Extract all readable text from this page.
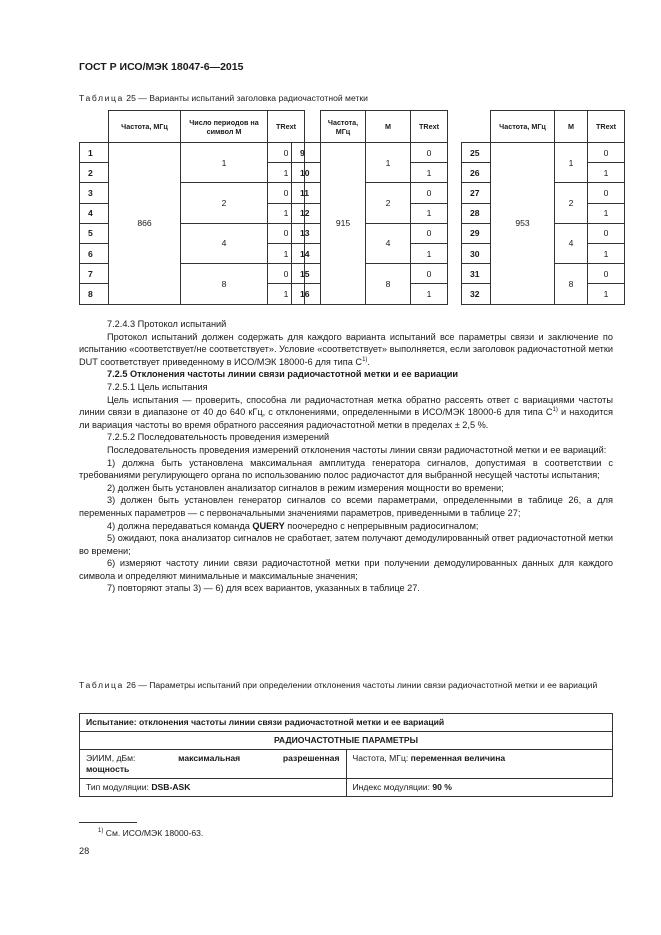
ГОСТ Р ИСО/МЭК 18047-6—2015
Таблица 25 — Варианты испытаний заголовка радиочастотной метки
	Частота, МГц	Число периодов на символ M	TRext
1	866	1	0
2			1
3		2	0
4			1
5		4	0
6			1
7		8	0
8			1
	Частота, МГц	M	TRext
9	915	1	0
10			1
11		2	0
12			1
13		4	0
14			1
15		8	0
16			1
	Частота, МГц	M	TRext
25	953	1	0
26			1
27		2	0
28			1
29		4	0
30			1
31		8	0
32			1

7.2.4.3 Протокол испытаний

Протокол испытаний должен содержать для каждого варианта испытаний все параметры связи и заключение по испытанию «соответствует/не соответствует». Условие «соответствует» выполняется, если заголовок радиочастотной метки DUT соответствует приведенному в ИСО/МЭК 18000-6 для типа $С^{1)}$.

7.2.5 Отклонения частоты линии связи радиочастотной метки и ее вариации

7.2.5.1 Цель испытания

Цель испытания — проверить, способна ли радиочастотная метка обратно рассеять ответ с вариациями частоты линии связи в диапазоне от 40 до 640 кГц, с отклонениями, определенными в ИСО/МЭК 18000-6 для типа $С^{1)}$ и находится ли вариация частоты во время обратного рассеяния радиочастотной метки в пределах ± 2,5 %.

7.2.5.2 Последовательность проведения измерений

Последовательность проведения измерений отклонения частоты линии связи радиочастотной метки и ее вариаций:

1) должна быть установлена максимальная амплитуда генератора сигналов, допустимая в соответствии с требованиями регулирующего органа по использованию полос радиочастот для выбранной несущей частоты испытания;

2) должен быть установлен анализатор сигналов в режим измерения мощности во времени;

3) должен быть установлен генератор сигналов со всеми параметрами, определенными в таблице 26, а для переменных параметров — с первоначальными значениями параметров, приведенными в таблице 27;

4) должна передаваться команда QUERY поочередно с непрерывным радиосигналом;

5) ожидают, пока анализатор сигналов не сработает, затем получают демодулированный ответ радиочастотной метки во времени;

6) измеряют частоту линии связи радиочастотной метки при получении демодулированных данных для каждого символа и определяют минимальные и максимальные значения;

7) повторяют этапы 3) — 6) для всех вариантов, указанных в таблице 27.

Таблица 26 — Параметры испытаний при определении отклонения частоты линии связи радиочастотной метки и ее вариаций
Испытание: отклонения частоты линии связи радиочастотной метки и ее вариаций	
РАДИОЧАСТОТНЫЕ ПАРАМЕТРЫ	

ЭИИМ, дБм: максимальная разрешенная
мощность	Частота, МГц: переменная величина
Тип модуляции: DSB-ASK	Индекс модуляции: 90 %
$^{1)}$ См. ИСО/МЭК 18000-63.
28
